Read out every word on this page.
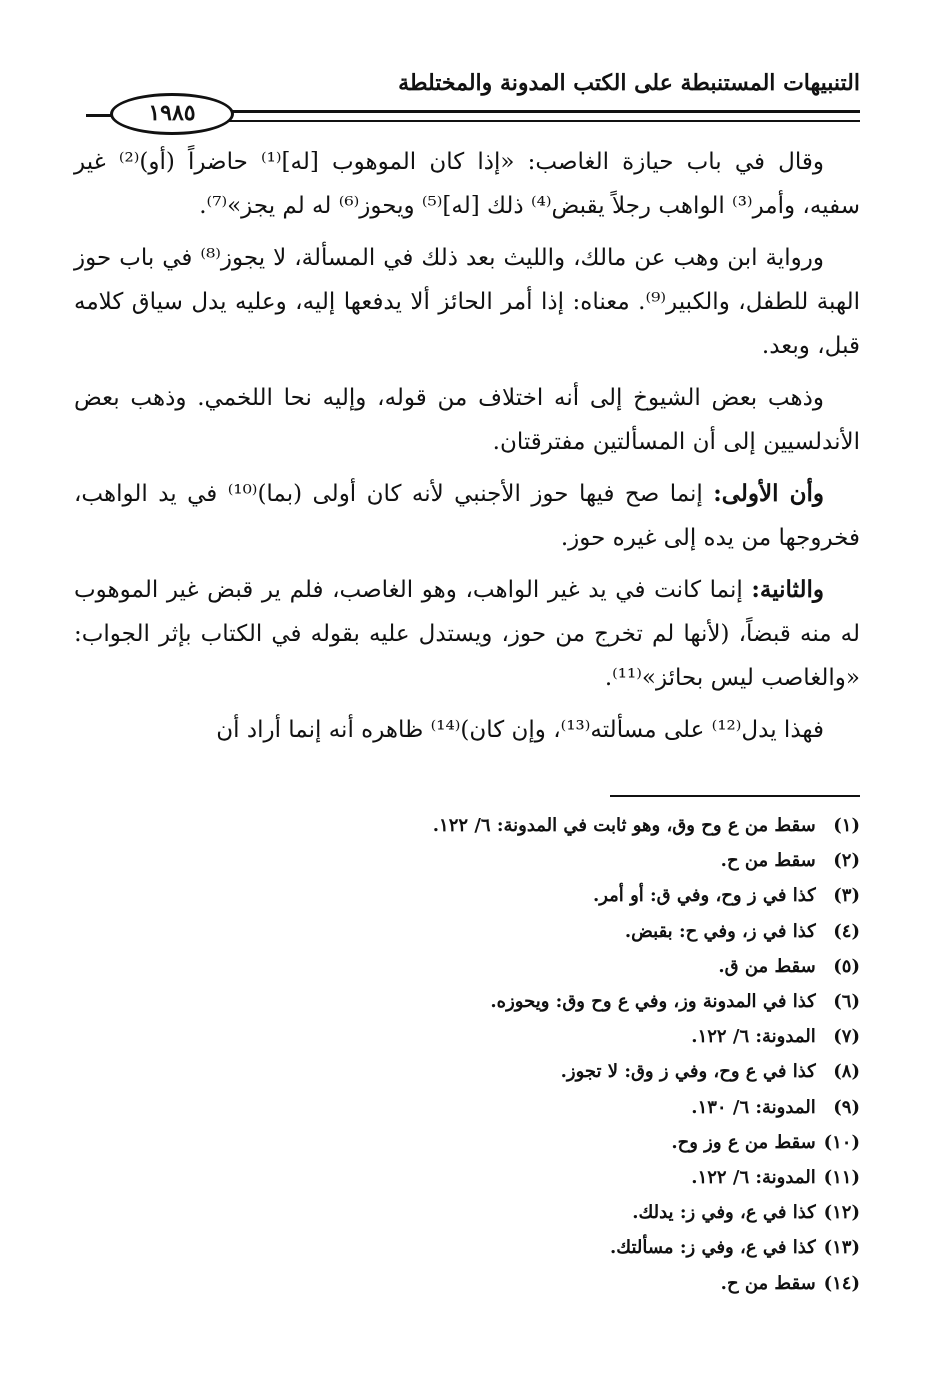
التنبيهات المستنبطة على الكتب المدونة والمختلطة
١٩٨٥

وقال في باب حيازة الغاصب: «إذا كان الموهوب [له]⁽¹⁾ حاضراً (أو)⁽²⁾ غير سفيه، وأمر⁽³⁾ الواهب رجلاً يقبض⁽⁴⁾ ذلك [له]⁽⁵⁾ ويحوز⁽⁶⁾ له لم يجز»⁽⁷⁾.

ورواية ابن وهب عن مالك، والليث بعد ذلك في المسألة، لا يجوز⁽⁸⁾ في باب حوز الهبة للطفل، والكبير⁽⁹⁾. معناه: إذا أمر الحائز ألا يدفعها إليه، وعليه يدل سياق كلامه قبل، وبعد.

وذهب بعض الشيوخ إلى أنه اختلاف من قوله، وإليه نحا اللخمي. وذهب بعض الأندلسيين إلى أن المسألتين مفترقتان.

وأن الأولى: إنما صح فيها حوز الأجنبي لأنه كان أولى (بما)⁽¹⁰⁾ في يد الواهب، فخروجها من يده إلى غيره حوز.

والثانية: إنما كانت في يد غير الواهب، وهو الغاصب، فلم ير قبض غير الموهوب له منه قبضاً، (لأنها لم تخرج من حوز، ويستدل عليه بقوله في الكتاب بإثر الجواب: «والغاصب ليس بحائز»⁽¹¹⁾.

فهذا يدل⁽¹²⁾ على مسألته⁽¹³⁾، وإن كان)⁽¹⁴⁾ ظاهره أنه إنما أراد أن

(١) سقط من ع وح وق، وهو ثابت في المدونة: ٦/ ١٢٢.
(٢) سقط من ح.
(٣) كذا في ز وح، وفي ق: أو أمر.
(٤) كذا في ز، وفي ح: بقبض.
(٥) سقط من ق.
(٦) كذا في المدونة وز، وفي ع وح وق: ويحوزه.
(٧) المدونة: ٦/ ١٢٢.
(٨) كذا في ع وح، وفي ز وق: لا تجوز.
(٩) المدونة: ٦/ ١٣٠.
(١٠) سقط من ع وز وح.
(١١) المدونة: ٦/ ١٢٢.
(١٢) كذا في ع، وفي ز: يدلك.
(١٣) كذا في ع، وفي ز: مسألتك.
(١٤) سقط من ح.
